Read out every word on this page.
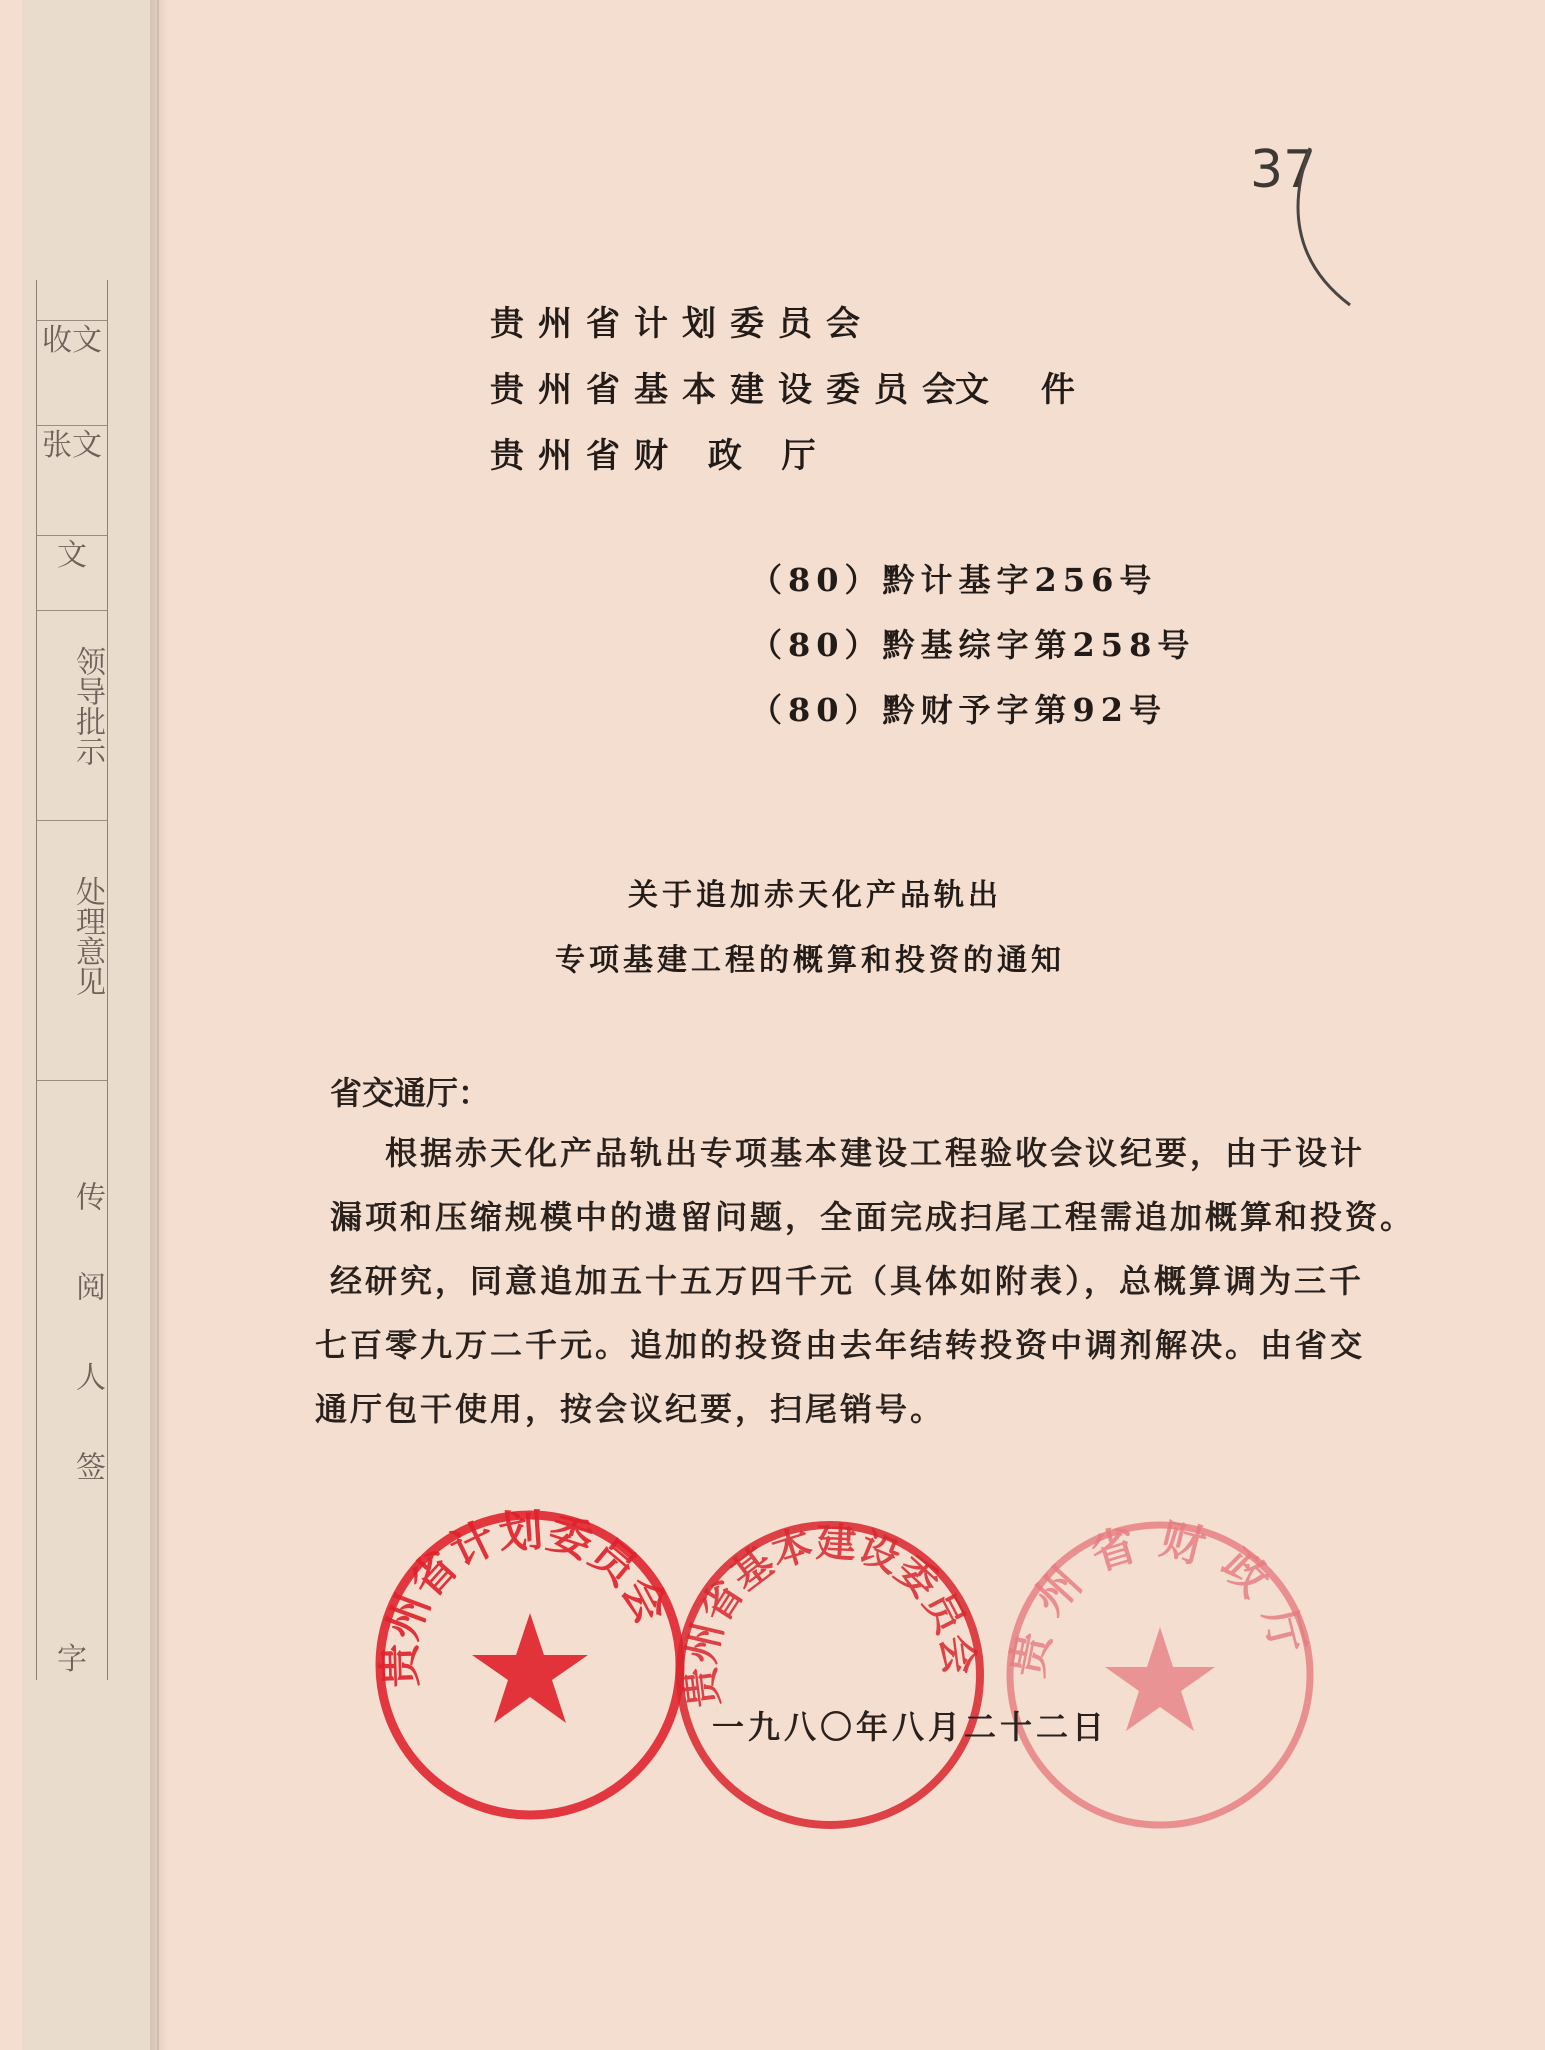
收文
张文
文
领导批示
处理意见
传阅人签
字
37
贵州省计划委员会
贵州省基本建设委员会
文 件
贵州省财 政 厅
（80）黔计基字256号
（80）黔基综字第258号
（80）黔财予字第92号
关于追加赤天化产品轨出
专项基建工程的概算和投资的通知
省交通厅：
根据赤天化产品轨出专项基本建设工程验收会议纪要，由于设计
漏项和压缩规模中的遗留问题，全面完成扫尾工程需追加概算和投资。
经研究，同意追加五十五万四千元（具体如附表），总概算调为三千
七百零九万二千元。追加的投资由去年结转投资中调剂解决。由省交
通厅包干使用，按会议纪要，扫尾销号。
贵州省计划委员会
贵州省基本建设委员会 贵州省财政厅
一九八〇年八月二十二日
